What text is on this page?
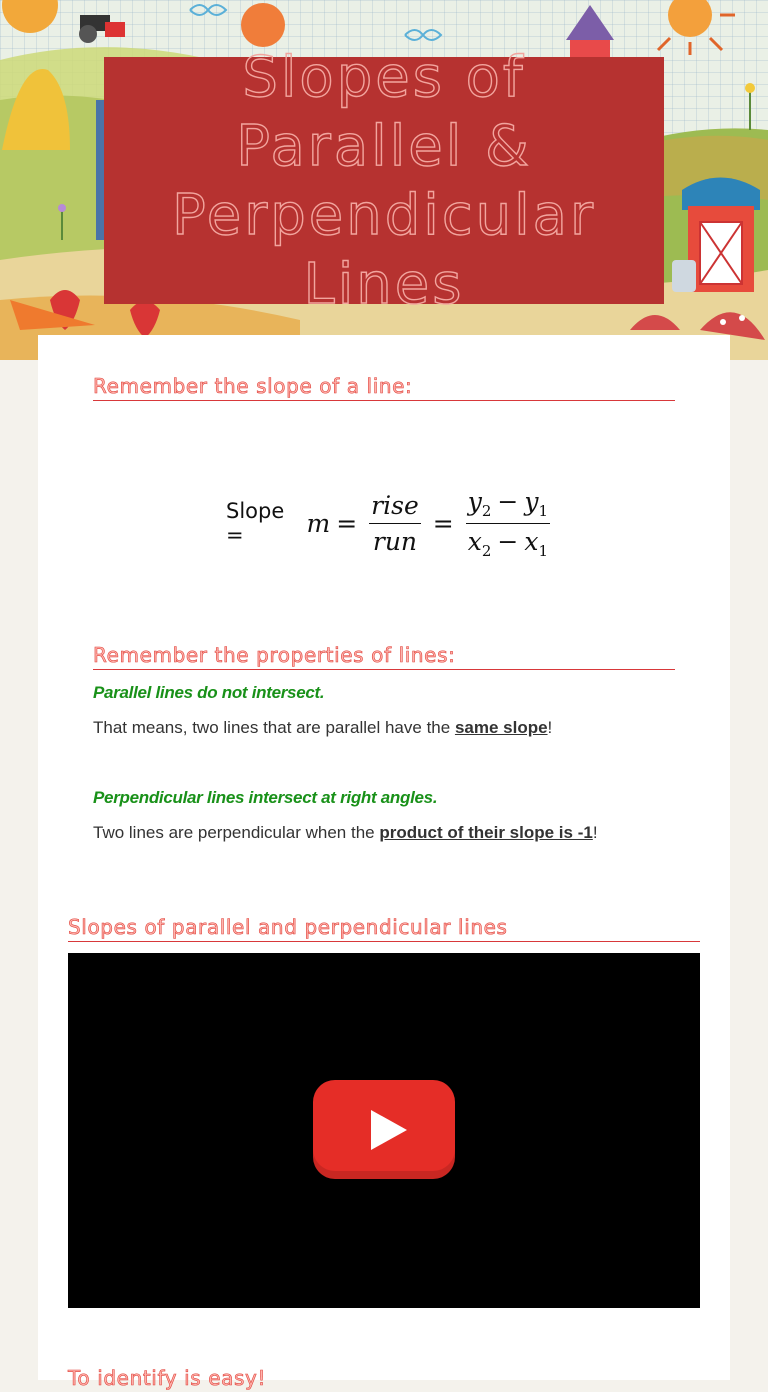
Slopes of Parallel & Perpendicular Lines
Remember the slope of a line:
Slope =	$m = \frac{\text{rise}}{\text{run}} = \frac{y_2 - y_1}{x_2 - x_1}$
Remember the properties of lines:

Parallel lines do not intersect.

That means, two lines that are parallel have the same slope!

Perpendicular lines intersect at right angles.

Two lines are perpendicular when the product of their slope is -1!

Slopes of parallel and perpendicular lines
To identify is easy!
